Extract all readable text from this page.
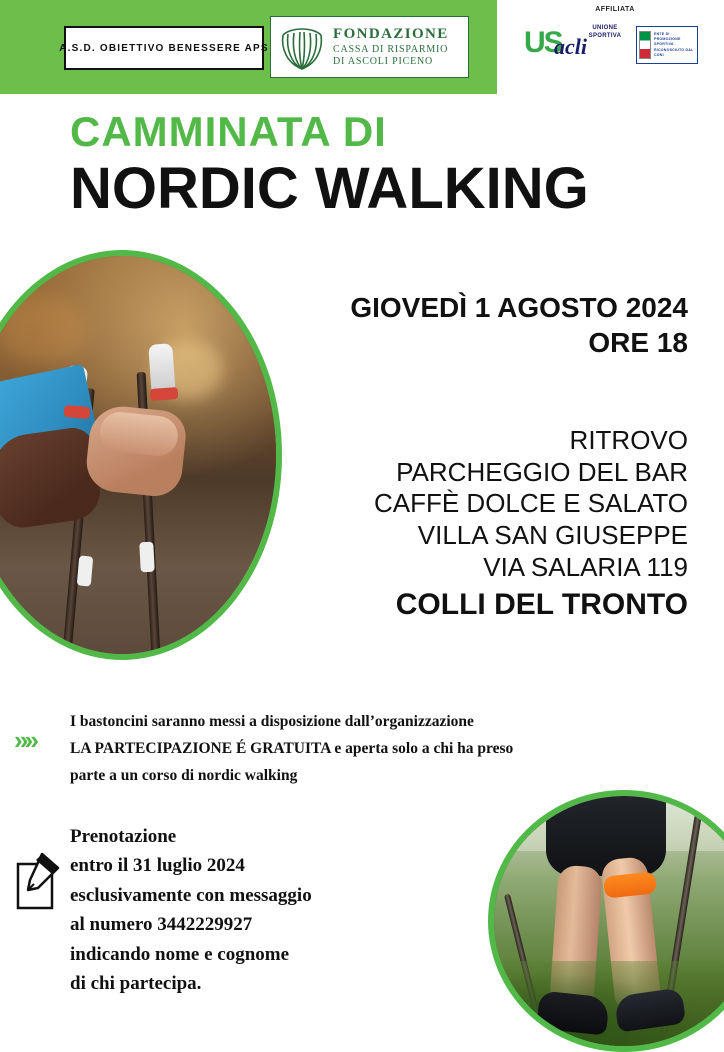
A.S.D. OBIETTIVO BENESSERE APS
FONDAZIONE
CASSA DI RISPARMIO
DI ASCOLI PICENO
AFFILIATA
US	UNIONE SPORTIVA
acli
ENTE DI PROMOZIONE SPORTIVA RICONOSCIUTO DAL CONI
CAMMINATA DI
NORDIC WALKING
GIOVEDÌ 1 AGOSTO 2024
ORE 18
RITROVO
PARCHEGGIO DEL BAR
CAFFÈ DOLCE E SALATO
VILLA SAN GIUSEPPE
VIA SALARIA 119
COLLI DEL TRONTO
»»
I bastoncini saranno messi a disposizione dall’organizzazione
LA PARTECIPAZIONE É GRATUITA e aperta solo a chi ha preso
parte a un corso di nordic walking
Prenotazione
entro il 31 luglio 2024
esclusivamente con messaggio
al numero 3442229927
indicando nome e cognome
di chi partecipa.
